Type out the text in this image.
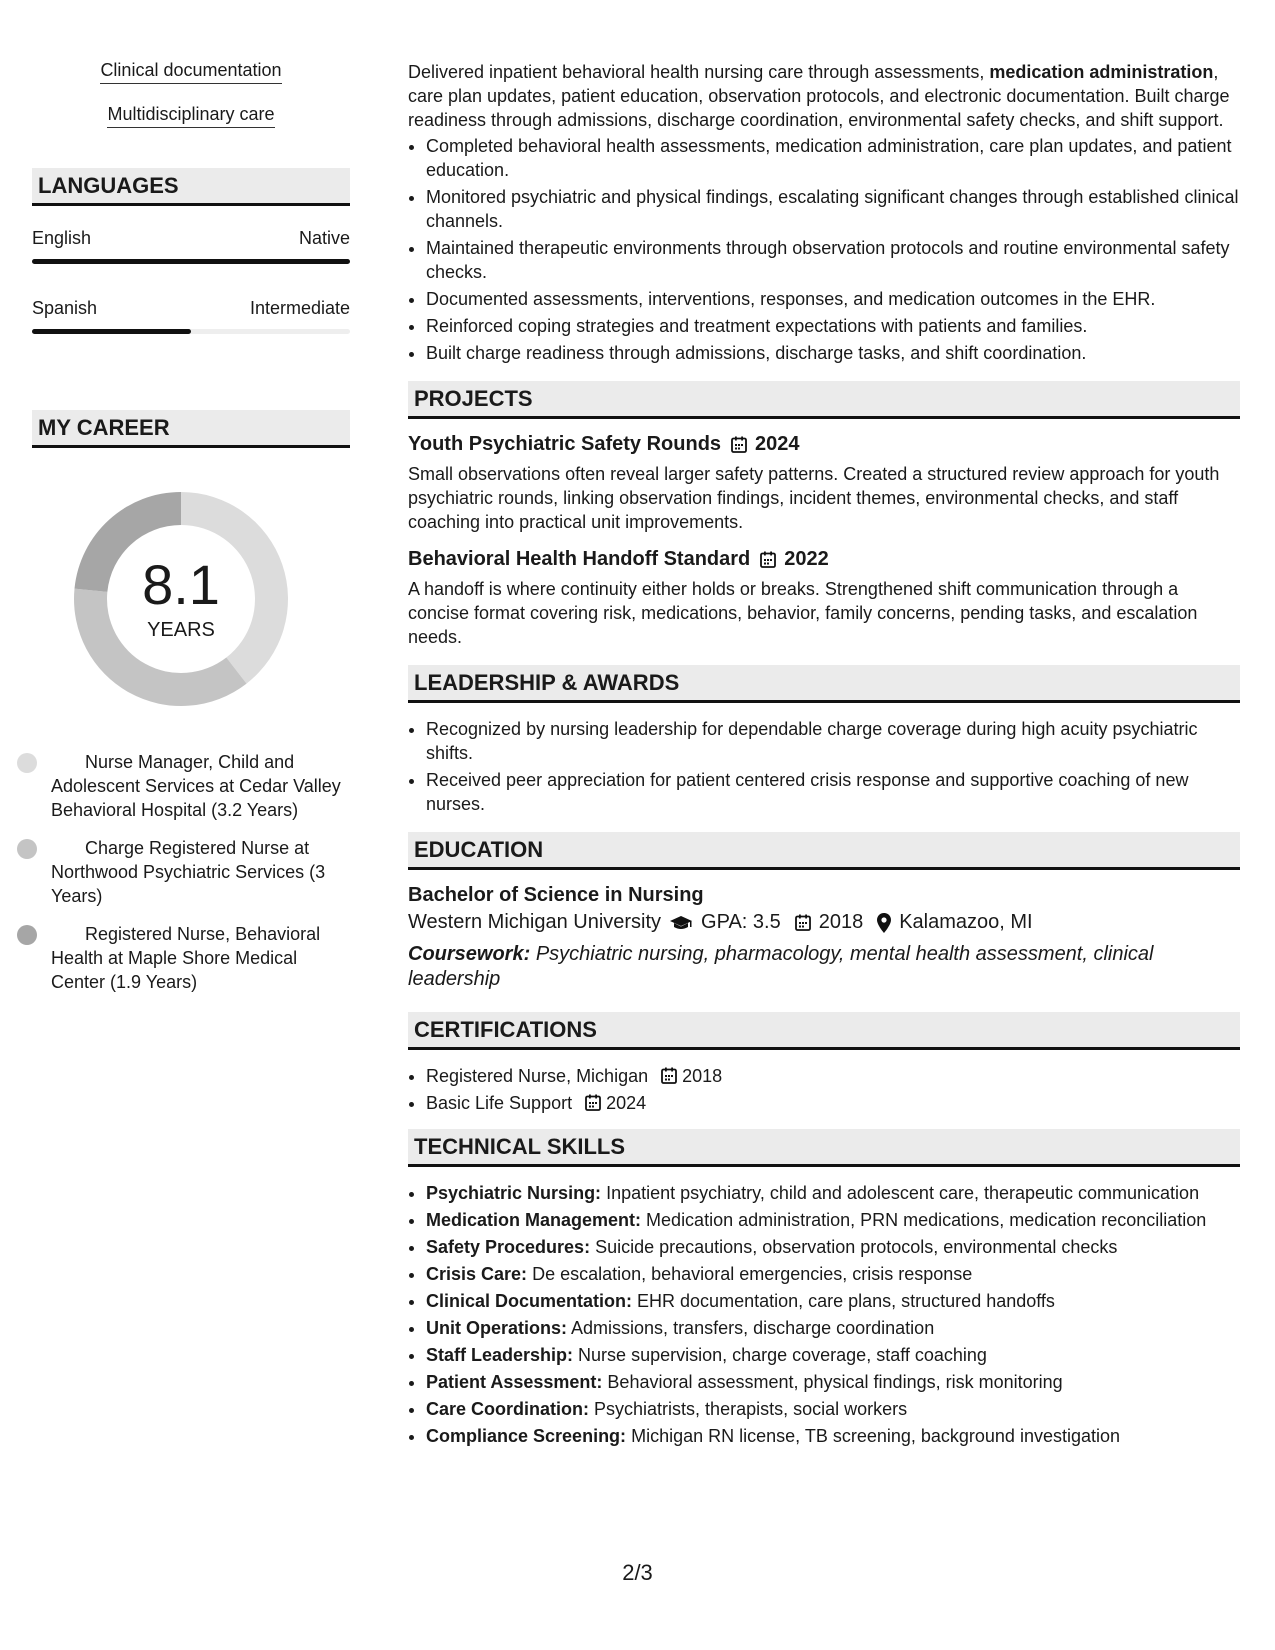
Clinical documentation
Multidisciplinary care
LANGUAGES
English	Native
Spanish	Intermediate
MY CAREER
8.1
YEARS
Nurse Manager, Child and Adolescent Services at Cedar Valley Behavioral Hospital (3.2 Years)
Charge Registered Nurse at Northwood Psychiatric Services (3 Years)
Registered Nurse, Behavioral Health at Maple Shore Medical Center (1.9 Years)

Delivered inpatient behavioral health nursing care through assessments, medication administration, care plan updates, patient education, observation protocols, and electronic documentation. Built charge readiness through admissions, discharge coordination, environmental safety checks, and shift support.

• Completed behavioral health assessments, medication administration, care plan updates, and patient education.
• Monitored psychiatric and physical findings, escalating significant changes through established clinical channels.
• Maintained therapeutic environments through observation protocols and routine environmental safety checks.
• Documented assessments, interventions, responses, and medication outcomes in the EHR.
• Reinforced coping strategies and treatment expectations with patients and families.
• Built charge readiness through admissions, discharge tasks, and shift coordination.
PROJECTS
Youth Psychiatric Safety Rounds 2024

Small observations often reveal larger safety patterns. Created a structured review approach for youth psychiatric rounds, linking observation findings, incident themes, environmental checks, and staff coaching into practical unit improvements.

Behavioral Health Handoff Standard 2022

A handoff is where continuity either holds or breaks. Strengthened shift communication through a concise format covering risk, medications, behavior, family concerns, pending tasks, and escalation needs.

LEADERSHIP & AWARDS
• Recognized by nursing leadership for dependable charge coverage during high acuity psychiatric shifts.
• Received peer appreciation for patient centered crisis response and supportive coaching of new nurses.
EDUCATION
Bachelor of Science in Nursing
Western Michigan University GPA: 3.5 2018 Kalamazoo, MI
Coursework: Psychiatric nursing, pharmacology, mental health assessment, clinical leadership
CERTIFICATIONS
• Registered Nurse, Michigan 2018
• Basic Life Support 2024
TECHNICAL SKILLS
• Psychiatric Nursing: Inpatient psychiatry, child and adolescent care, therapeutic communication
• Medication Management: Medication administration, PRN medications, medication reconciliation
• Safety Procedures: Suicide precautions, observation protocols, environmental checks
• Crisis Care: De escalation, behavioral emergencies, crisis response
• Clinical Documentation: EHR documentation, care plans, structured handoffs
• Unit Operations: Admissions, transfers, discharge coordination
• Staff Leadership: Nurse supervision, charge coverage, staff coaching
• Patient Assessment: Behavioral assessment, physical findings, risk monitoring
• Care Coordination: Psychiatrists, therapists, social workers
• Compliance Screening: Michigan RN license, TB screening, background investigation
2/3
